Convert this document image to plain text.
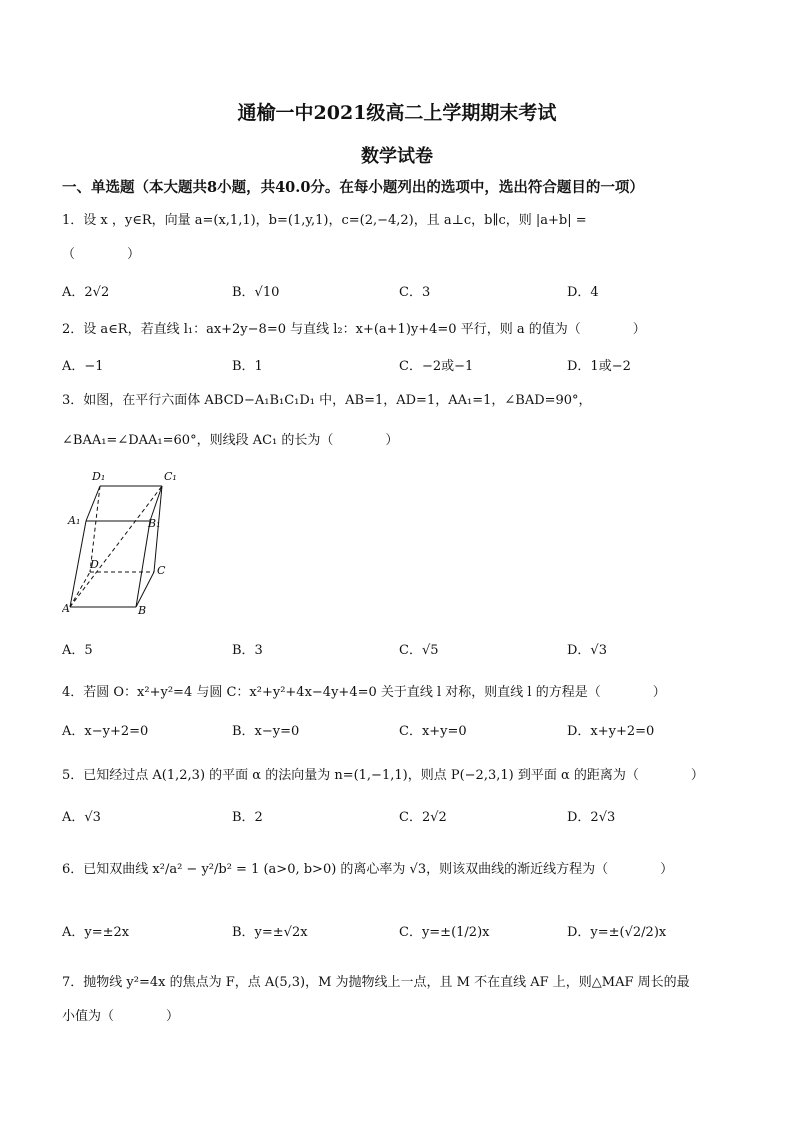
通榆一中2021级高二上学期期末考试
数学试卷
一、单选题（本大题共8小题，共40.0分。在每小题列出的选项中，选出符合题目的一项）
1．设 x ，y∈R，向量 a=(x,1,1)，b=(1,y,1)，c=(2,−4,2)，且 a⊥c，b∥c，则 |a+b| =
（　　　　）
A．2√2	B．√10	C．3	D．4
2．设 a∈R，若直线 l₁：ax+2y−8=0 与直线 l₂：x+(a+1)y+4=0 平行，则 a 的值为（　　　　）
A．−1	B．1	C．−2或−1	D．1或−2
3．如图，在平行六面体 ABCD−A₁B₁C₁D₁ 中，AB=1，AD=1，AA₁=1，∠BAD=90°，
∠BAA₁=∠DAA₁=60°，则线段 AC₁ 的长为（　　　　）
D₁	C₁
A₁	B₁
D	C
A	B
A．5	B．3	C．√5	D．√3
4．若圆 O：x²+y²=4 与圆 C：x²+y²+4x−4y+4=0 关于直线 l 对称，则直线 l 的方程是（　　　　）
A．x−y+2=0	B．x−y=0	C．x+y=0	D．x+y+2=0
5．已知经过点 A(1,2,3) 的平面 α 的法向量为 n=(1,−1,1)，则点 P(−2,3,1) 到平面 α 的距离为（　　　　）
A．√3	B．2	C．2√2	D．2√3
6．已知双曲线 x²/a² − y²/b² = 1 (a>0, b>0) 的离心率为 √3，则该双曲线的渐近线方程为（　　　　）
A．y=±2x	B．y=±√2x	C．y=±(1/2)x	D．y=±(√2/2)x
7．抛物线 y²=4x 的焦点为 F，点 A(5,3)，M 为抛物线上一点，且 M 不在直线 AF 上，则△MAF 周长的最
小值为（　　　　）
